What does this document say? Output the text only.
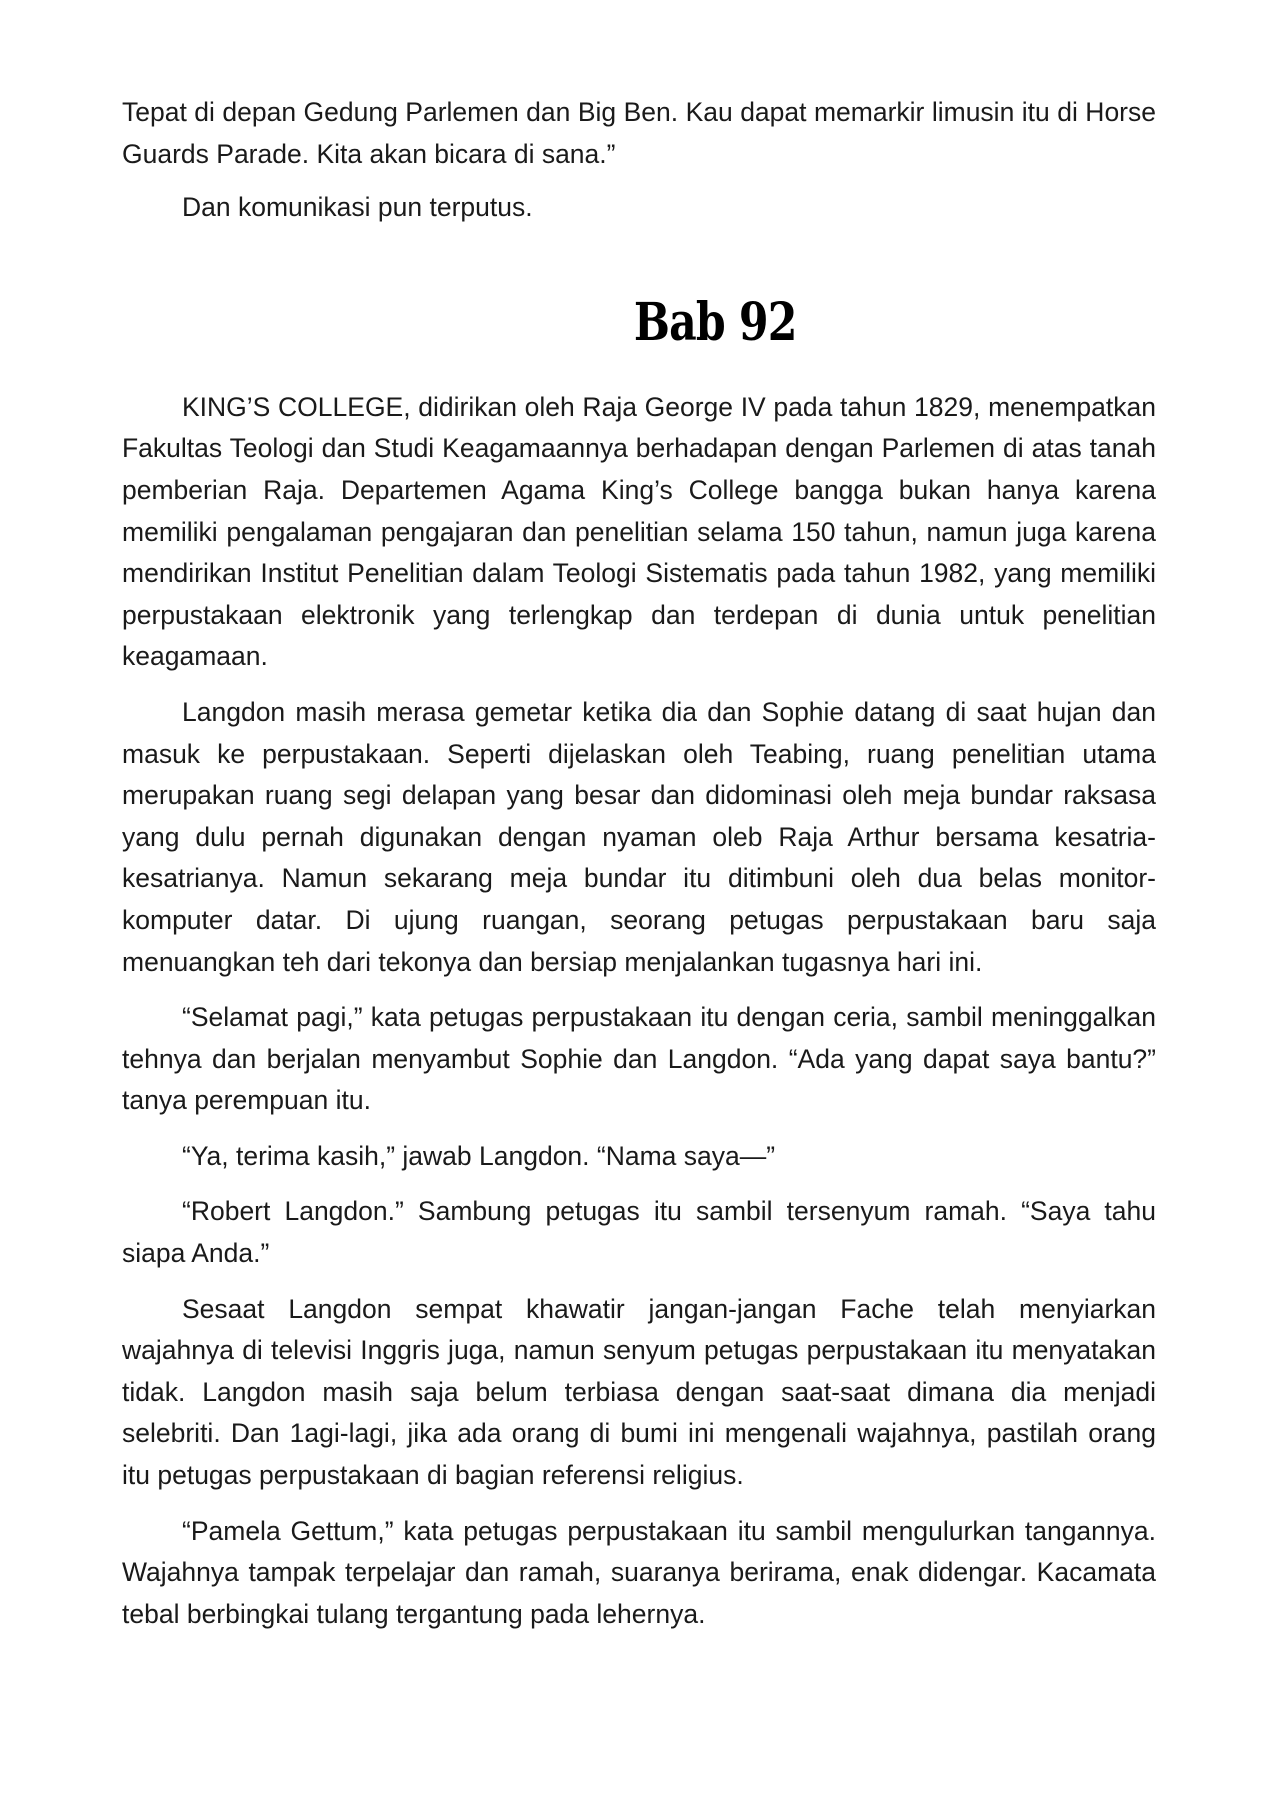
Tepat di depan Gedung Parlemen dan Big Ben. Kau dapat memarkir limusin itu di Horse Guards Parade. Kita akan bicara di sana.”

Dan komunikasi pun terputus.

Bab 92

KING’S COLLEGE, didirikan oleh Raja George IV pada tahun 1829, menempatkan Fakultas Teologi dan Studi Keagamaannya berhadapan dengan Parlemen di atas tanah pemberian Raja. Departemen Agama King’s College bangga bukan hanya karena memiliki pengalaman pengajaran dan penelitian selama 150 tahun, namun juga karena mendirikan Institut Penelitian dalam Teologi Sistematis pada tahun 1982, yang memiliki perpustakaan elektronik yang terlengkap dan terdepan di dunia untuk penelitian keagamaan.

Langdon masih merasa gemetar ketika dia dan Sophie datang di saat hujan dan masuk ke perpustakaan. Seperti dijelaskan oleh Teabing, ruang penelitian utama merupakan ruang segi delapan yang besar dan didominasi oleh meja bundar raksasa yang dulu pernah digunakan dengan nyaman oleb Raja Arthur bersama kesatria-kesatrianya. Namun sekarang meja bundar itu ditimbuni oleh dua belas monitor-komputer datar. Di ujung ruangan, seorang petugas perpustakaan baru saja menuangkan teh dari tekonya dan bersiap menjalankan tugasnya hari ini.

“Selamat pagi,” kata petugas perpustakaan itu dengan ceria, sambil meninggalkan tehnya dan berjalan menyambut Sophie dan Langdon. “Ada yang dapat saya bantu?” tanya perempuan itu.

“Ya, terima kasih,” jawab Langdon. “Nama saya—”

“Robert Langdon.” Sambung petugas itu sambil tersenyum ramah. “Saya tahu siapa Anda.”

Sesaat Langdon sempat khawatir jangan-jangan Fache telah menyiarkan wajahnya di televisi Inggris juga, namun senyum petugas perpustakaan itu menyatakan tidak. Langdon masih saja belum terbiasa dengan saat-saat dimana dia menjadi selebriti. Dan 1agi-lagi, jika ada orang di bumi ini mengenali wajahnya, pastilah orang itu petugas perpustakaan di bagian referensi religius.

“Pamela Gettum,” kata petugas perpustakaan itu sambil mengulurkan tangannya. Wajahnya tampak terpelajar dan ramah, suaranya berirama, enak didengar. Kacamata tebal berbingkai tulang tergantung pada lehernya.
